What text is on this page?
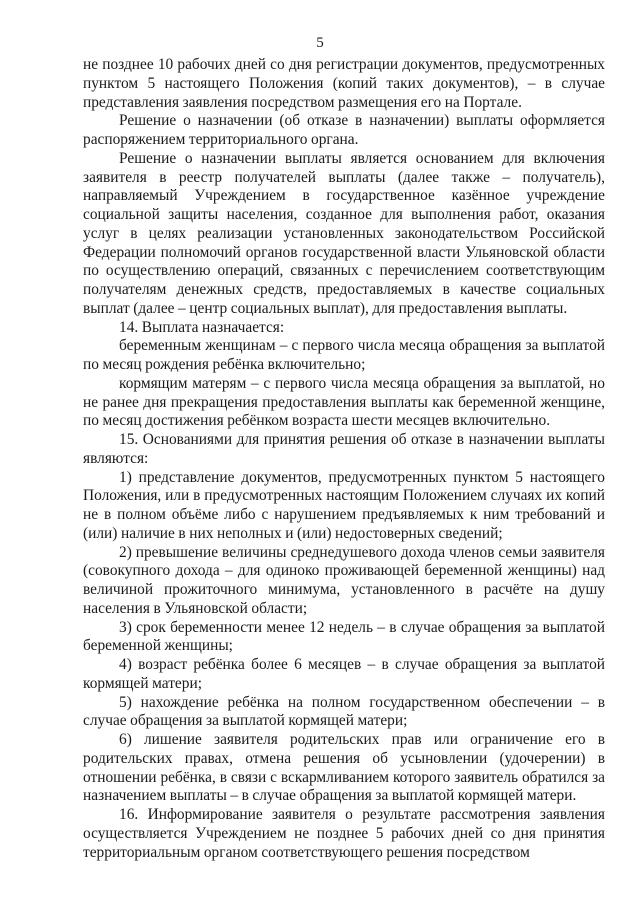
5

не позднее 10 рабочих дней со дня регистрации документов, предусмотренных пунктом 5 настоящего Положения (копий таких документов), – в случае представления заявления посредством размещения его на Портале.

Решение о назначении (об отказе в назначении) выплаты оформляется распоряжением территориального органа.

Решение о назначении выплаты является основанием для включения заявителя в реестр получателей выплаты (далее также – получатель), направляемый Учреждением в государственное казённое учреждение социальной защиты населения, созданное для выполнения работ, оказания услуг в целях реализации установленных законодательством Российской Федерации полномочий органов государственной власти Ульяновской области по осуществлению операций, связанных с перечислением соответствующим получателям денежных средств, предоставляемых в качестве социальных выплат (далее – центр социальных выплат), для предоставления выплаты.

14. Выплата назначается:

беременным женщинам – с первого числа месяца обращения за выплатой по месяц рождения ребёнка включительно;

кормящим матерям – с первого числа месяца обращения за выплатой, но не ранее дня прекращения предоставления выплаты как беременной женщине, по месяц достижения ребёнком возраста шести месяцев включительно.

15. Основаниями для принятия решения об отказе в назначении выплаты являются:

1) представление документов, предусмотренных пунктом 5 настоящего Положения, или в предусмотренных настоящим Положением случаях их копий не в полном объёме либо с нарушением предъявляемых к ним требований и (или) наличие в них неполных и (или) недостоверных сведений;

2) превышение величины среднедушевого дохода членов семьи заявителя (совокупного дохода – для одиноко проживающей беременной женщины) над величиной прожиточного минимума, установленного в расчёте на душу населения в Ульяновской области;

3) срок беременности менее 12 недель – в случае обращения за выплатой беременной женщины;

4) возраст ребёнка более 6 месяцев – в случае обращения за выплатой кормящей матери;

5) нахождение ребёнка на полном государственном обеспечении – в случае обращения за выплатой кормящей матери;

6) лишение заявителя родительских прав или ограничение его в родительских правах, отмена решения об усыновлении (удочерении) в отношении ребёнка, в связи с вскармливанием которого заявитель обратился за назначением выплаты – в случае обращения за выплатой кормящей матери.

16. Информирование заявителя о результате рассмотрения заявления осуществляется Учреждением не позднее 5 рабочих дней со дня принятия территориальным органом соответствующего решения посредством
